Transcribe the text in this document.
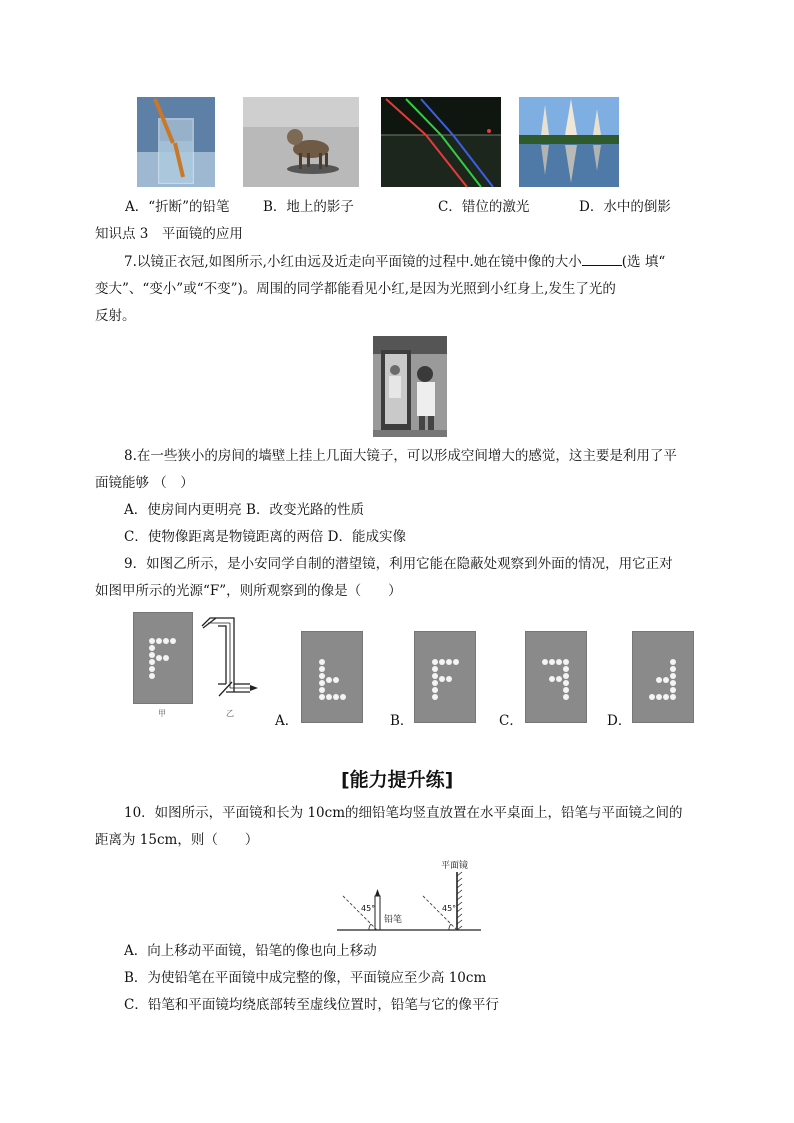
A．“折断”的铅笔 B．地上的影子	C．错位的激光	D．水中的倒影
知识点 3　平面镜的应用
7.以镜正衣冠,如图所示,小红由远及近走向平面镜的过程中.她在镜中像的大小	(选 填“
变大”、“变小”或“不变”)。周围的同学都能看见小红,是因为光照到小红身上,发生了光的
反射。
8.在一些狭小的房间的墙壁上挂上几面大镜子，可以形成空间增大的感觉，这主要是利用了平
面镜能够 （　）
A．使房间内更明亮 B．改变光路的性质
C．使物像距离是物镜距离的两倍 D．能成实像
9．如图乙所示，是小安同学自制的潜望镜，利用它能在隐蔽处观察到外面的情况，用它正对
如图甲所示的光源“F”，则所观察到的像是（　　）
甲	乙	A．	B．	C．	D．
[能力提升练]
10．如图所示，平面镜和长为 10cm的细铅笔均竖直放置在水平桌面上，铅笔与平面镜之间的
距离为 15cm，则（　　）
平面镜
铅笔
45°	45°
A．向上移动平面镜，铅笔的像也向上移动
B．为使铅笔在平面镜中成完整的像，平面镜应至少高 10cm
C．铅笔和平面镜均绕底部转至虚线位置时，铅笔与它的像平行
